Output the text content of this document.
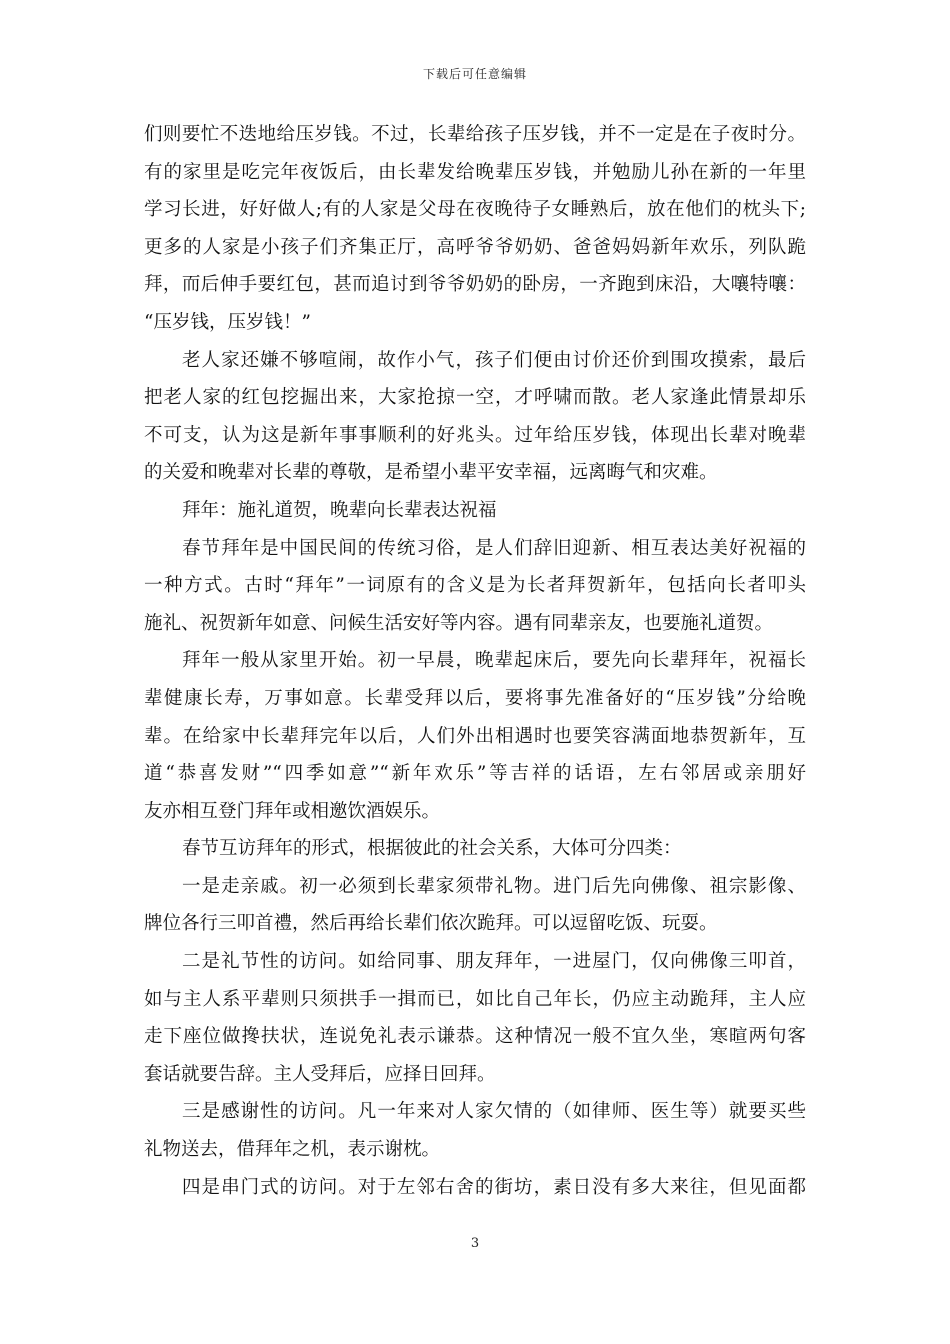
下载后可任意编辑
们则要忙不迭地给压岁钱。不过，长辈给孩子压岁钱，并不一定是在子夜时分。
有的家里是吃完年夜饭后，由长辈发给晚辈压岁钱，并勉励儿孙在新的一年里
学习长进，好好做人;有的人家是父母在夜晚待子女睡熟后，放在他们的枕头下;
更多的人家是小孩子们齐集正厅，高呼爷爷奶奶、爸爸妈妈新年欢乐，列队跪
拜，而后伸手要红包，甚而追讨到爷爷奶奶的卧房，一齐跑到床沿，大嚷特嚷：
“压岁钱，压岁钱！”
老人家还嫌不够喧闹，故作小气，孩子们便由讨价还价到围攻摸索，最后
把老人家的红包挖掘出来，大家抢掠一空，才呼啸而散。老人家逢此情景却乐
不可支，认为这是新年事事顺利的好兆头。过年给压岁钱，体现出长辈对晚辈
的关爱和晚辈对长辈的尊敬，是希望小辈平安幸福，远离晦气和灾难。
拜年：施礼道贺，晚辈向长辈表达祝福
春节拜年是中国民间的传统习俗，是人们辞旧迎新、相互表达美好祝福的
一种方式。古时“拜年”一词原有的含义是为长者拜贺新年，包括向长者叩头
施礼、祝贺新年如意、问候生活安好等内容。遇有同辈亲友，也要施礼道贺。
拜年一般从家里开始。初一早晨，晚辈起床后，要先向长辈拜年，祝福长
辈健康长寿，万事如意。长辈受拜以后，要将事先准备好的“压岁钱”分给晚
辈。在给家中长辈拜完年以后，人们外出相遇时也要笑容满面地恭贺新年，互
道“恭喜发财”“四季如意”“新年欢乐”等吉祥的话语，左右邻居或亲朋好
友亦相互登门拜年或相邀饮酒娱乐。
春节互访拜年的形式，根据彼此的社会关系，大体可分四类：
一是走亲戚。初一必须到长辈家须带礼物。进门后先向佛像、祖宗影像、
牌位各行三叩首禮，然后再给长辈们依次跪拜。可以逗留吃饭、玩耍。
二是礼节性的访问。如给同事、朋友拜年，一进屋门，仅向佛像三叩首，
如与主人系平辈则只须拱手一揖而已，如比自己年长，仍应主动跪拜，主人应
走下座位做搀扶状，连说免礼表示谦恭。这种情况一般不宜久坐，寒暄两句客
套话就要告辞。主人受拜后，应择日回拜。
三是感谢性的访问。凡一年来对人家欠情的（如律师、医生等）就要买些
礼物送去，借拜年之机，表示谢枕。
四是串门式的访问。对于左邻右舍的街坊，素日没有多大来往，但见面都
3
